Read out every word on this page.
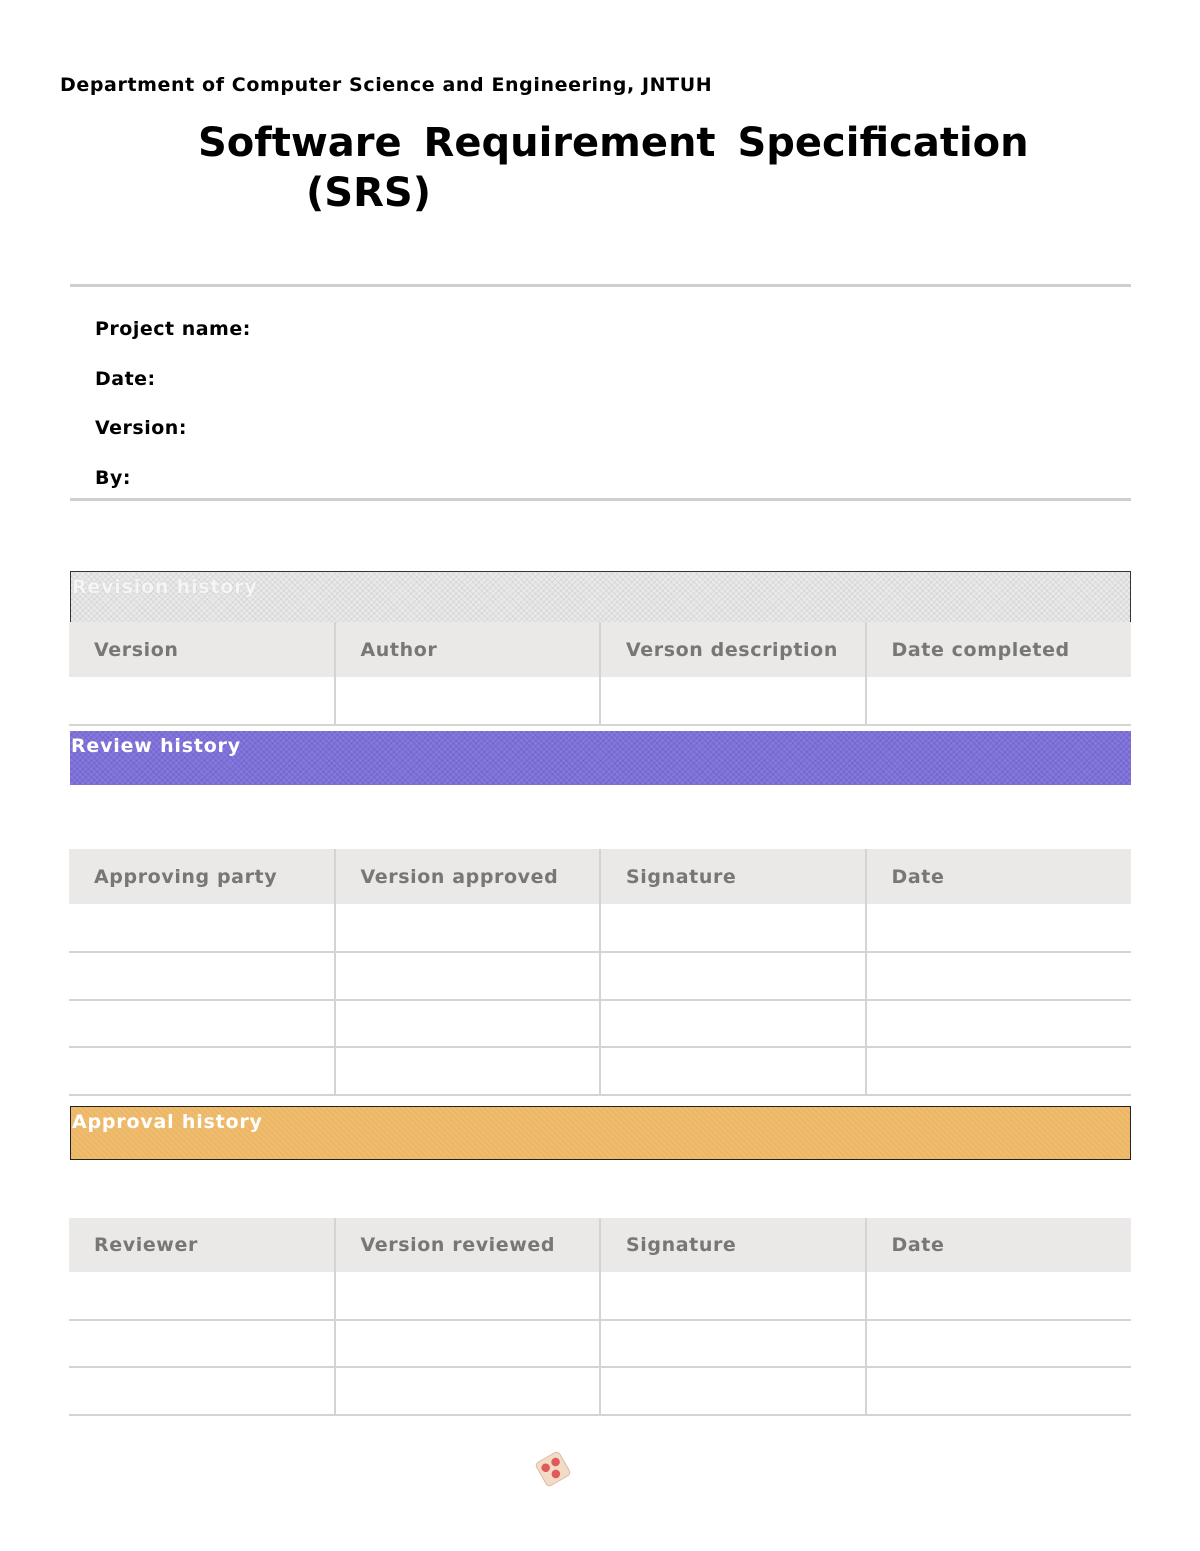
Department of Computer Science and Engineering, JNTUH
Software Requirement Specification
(SRS)
Project name:
Date:
Version:
By:
Revision history
Version	Author	Verson description	Date completed

Review history
Approving party	Version approved	Signature	Date

Approval history
Reviewer	Version reviewed	Signature	Date
